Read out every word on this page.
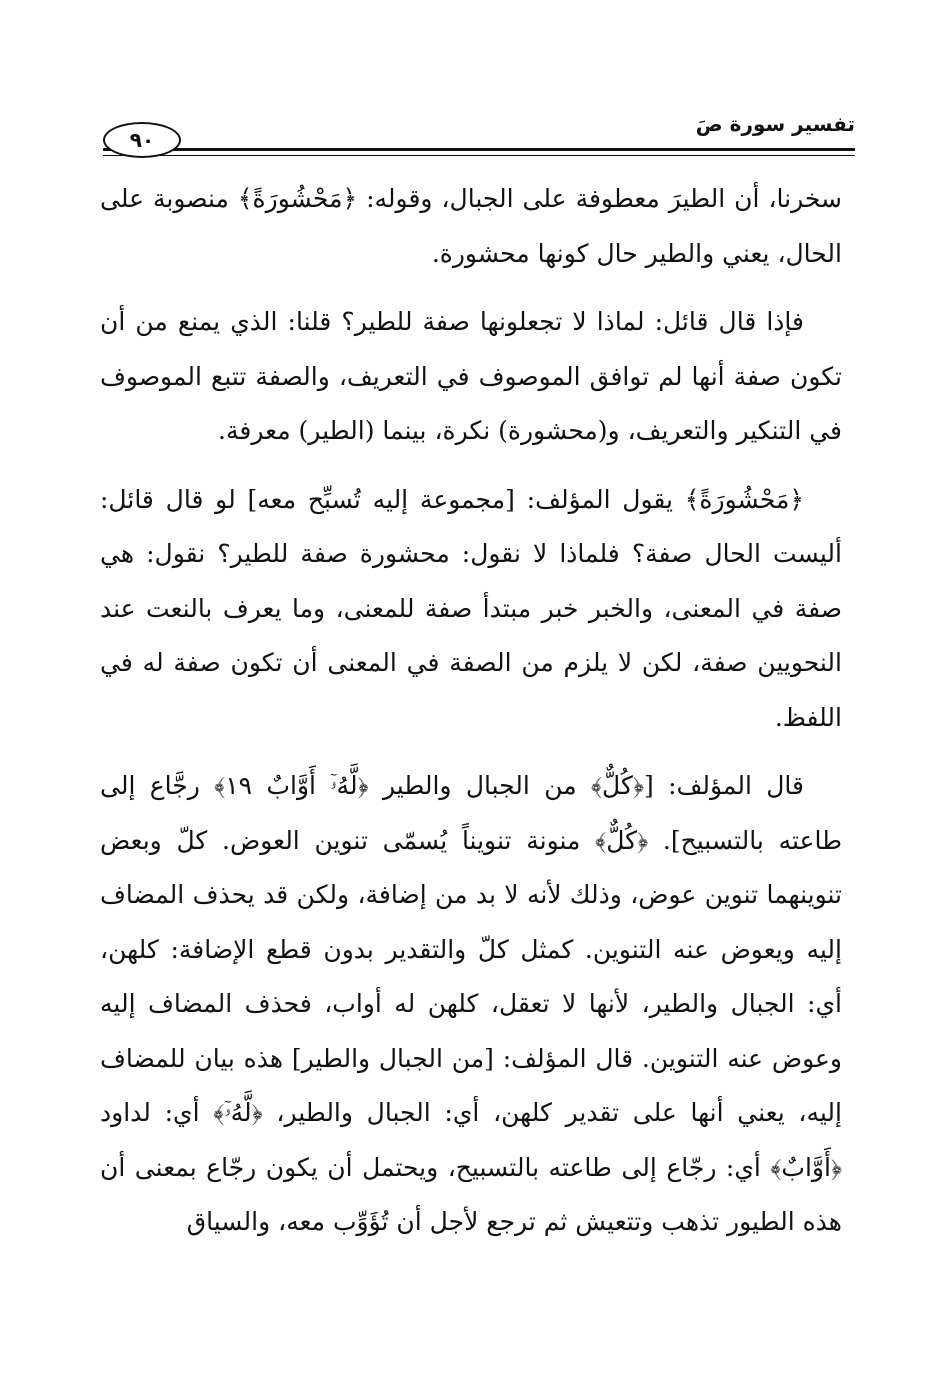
٩٠
تفسير سورة صَ

سخرنا، أن الطيرَ معطوفة على الجبال، وقوله: ﴿مَحْشُورَةً﴾ منصوبة على الحال، يعني والطير حال كونها محشورة.

فإذا قال قائل: لماذا لا تجعلونها صفة للطير؟ قلنا: الذي يمنع من أن تكون صفة أنها لم توافق الموصوف في التعريف، والصفة تتبع الموصوف في التنكير والتعريف، و(محشورة) نكرة، بينما (الطير) معرفة.

﴿مَحْشُورَةً﴾ يقول المؤلف: [مجموعة إليه تُسبِّح معه] لو قال قائل: أليست الحال صفة؟ فلماذا لا نقول: محشورة صفة للطير؟ نقول: هي صفة في المعنى، والخبر خبر مبتدأ صفة للمعنى، وما يعرف بالنعت عند النحويين صفة، لكن لا يلزم من الصفة في المعنى أن تكون صفة له في اللفظ.

قال المؤلف: [﴿كُلٌّ﴾ من الجبال والطير ﴿لَّهُۥٓ أَوَّابٌ ١٩﴾ رجَّاع إلى طاعته بالتسبيح]. ﴿كُلٌّ﴾ منونة تنويناً يُسمّى تنوين العوض. كلّ وبعض تنوينهما تنوين عوض، وذلك لأنه لا بد من إضافة، ولكن قد يحذف المضاف إليه ويعوض عنه التنوين. كمثل كلّ والتقدير بدون قطع الإضافة: كلهن، أي: الجبال والطير، لأنها لا تعقل، كلهن له أواب، فحذف المضاف إليه وعوض عنه التنوين. قال المؤلف: [من الجبال والطير] هذه بيان للمضاف إليه، يعني أنها على تقدير كلهن، أي: الجبال والطير، ﴿لَّهُۥٓ﴾ أي: لداود ﴿أَوَّابٌ﴾ أي: رجّاع إلى طاعته بالتسبيح، ويحتمل أن يكون رجّاع بمعنى أن هذه الطيور تذهب وتتعيش ثم ترجع لأجل أن تُؤَوِّب معه، والسياق
